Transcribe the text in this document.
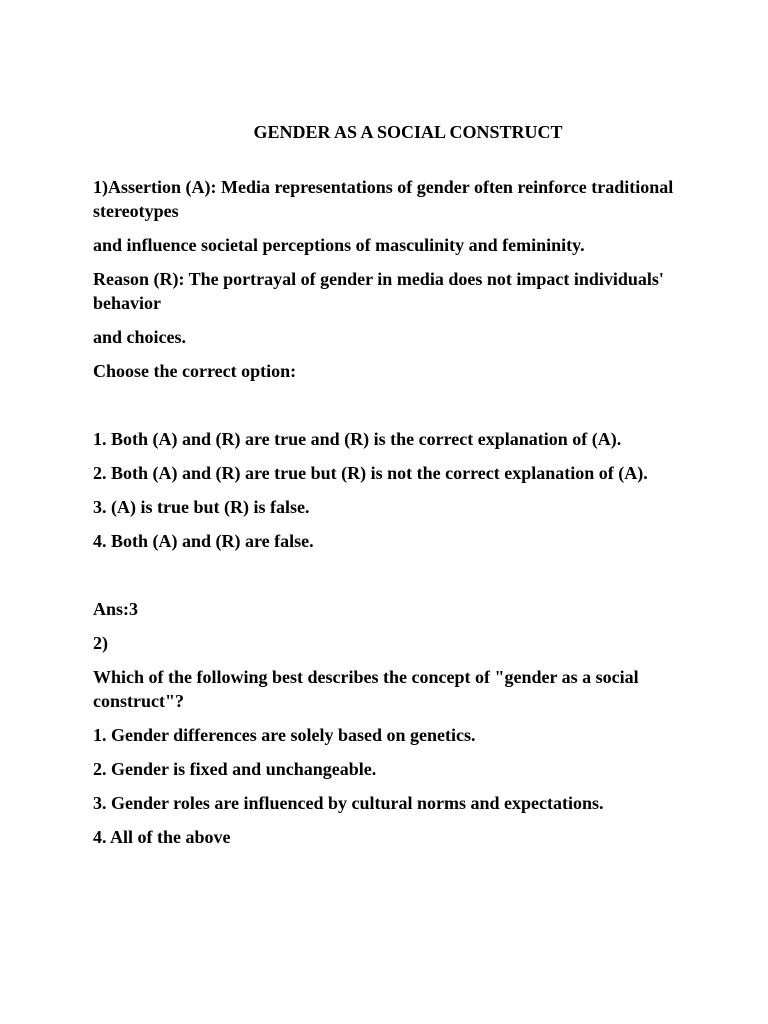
GENDER AS A SOCIAL CONSTRUCT

1)Assertion (A): Media representations of gender often reinforce traditional stereotypes

and influence societal perceptions of masculinity and femininity.

Reason (R): The portrayal of gender in media does not impact individuals' behavior

and choices.

Choose the correct option:

1. Both (A) and (R) are true and (R) is the correct explanation of (A).

2. Both (A) and (R) are true but (R) is not the correct explanation of (A).

3. (A) is true but (R) is false.

4. Both (A) and (R) are false.

Ans:3

2)

Which of the following best describes the concept of "gender as a social construct"?

1. Gender differences are solely based on genetics.

2. Gender is fixed and unchangeable.

3. Gender roles are influenced by cultural norms and expectations.

4. All of the above
